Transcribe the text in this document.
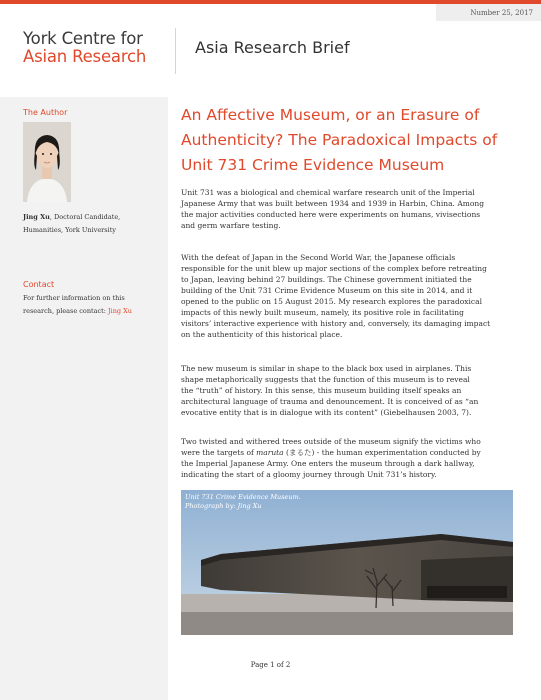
Number 25, 2017
York Centre for
Asian Research	Asia Research Brief
The Author
Jing Xu, Doctoral Candidate,
Humanities, York University
Contact
For further information on this
research, please contact: Jing Xu
An Affective Museum, or an Erasure of
Authenticity? The Paradoxical Impacts of
Unit 731 Crime Evidence Museum
Unit 731 was a biological and chemical warfare research unit of the Imperial
Japanese Army that was built between 1934 and 1939 in Harbin, China. Among
the major activities conducted here were experiments on humans, vivisections
and germ warfare testing.
With the defeat of Japan in the Second World War, the Japanese officials
responsible for the unit blew up major sections of the complex before retreating
to Japan, leaving behind 27 buildings. The Chinese government initiated the
building of the Unit 731 Crime Evidence Museum on this site in 2014, and it
opened to the public on 15 August 2015. My research explores the paradoxical
impacts of this newly built museum, namely, its positive role in facilitating
visitors’ interactive experience with history and, conversely, its damaging impact
on the authenticity of this historical place.
The new museum is similar in shape to the black box used in airplanes. This
shape metaphorically suggests that the function of this museum is to reveal
the “truth” of history. In this sense, this museum building itself speaks an
architectural language of trauma and denouncement. It is conceived of as “an
evocative entity that is in dialogue with its content” (Giebelhausen 2003, 7).
Two twisted and withered trees outside of the museum signify the victims who
were the targets of maruta (まるた) - the human experimentation conducted by
the Imperial Japanese Army. One enters the museum through a dark hallway,
indicating the start of a gloomy journey through Unit 731’s history.
Unit 731 Crime Evidence Museum.
Photograph by: Jing Xu
Page 1 of 2
